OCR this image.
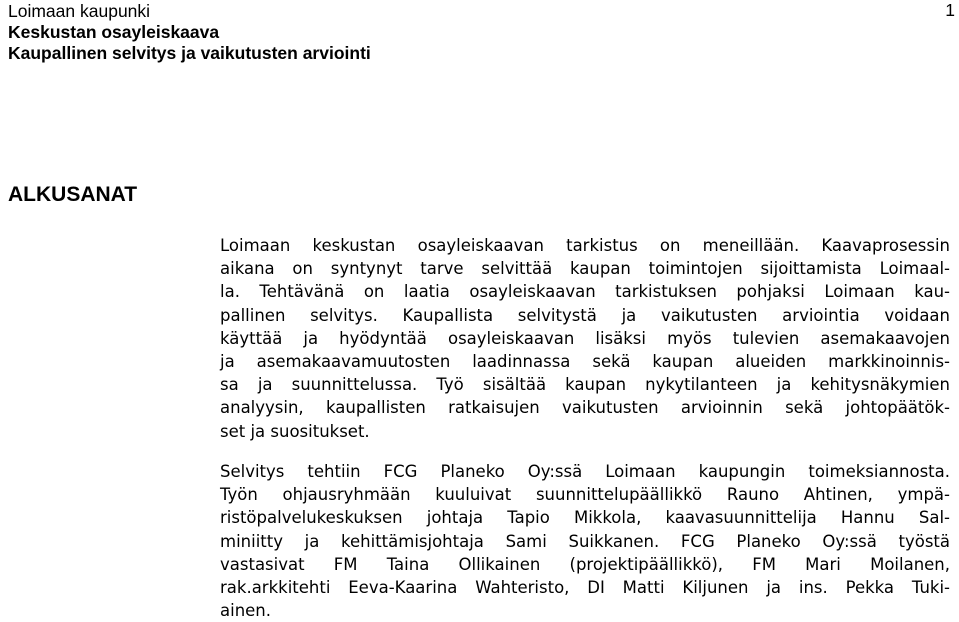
Loimaan kaupunki
Keskustan osayleiskaava
Kaupallinen selvitys ja vaikutusten arviointi
1
ALKUSANAT
Loimaan keskustan osayleiskaavan tarkistus on meneillään. Kaavaprosessin
aikana on syntynyt tarve selvittää kaupan toimintojen sijoittamista Loimaal-
la. Tehtävänä on laatia osayleiskaavan tarkistuksen pohjaksi Loimaan kau-
pallinen selvitys. Kaupallista selvitystä ja vaikutusten arviointia voidaan
käyttää ja hyödyntää osayleiskaavan lisäksi myös tulevien asemakaavojen
ja asemakaavamuutosten laadinnassa sekä kaupan alueiden markkinoinnis-
sa ja suunnittelussa. Työ sisältää kaupan nykytilanteen ja kehitysnäkymien
analyysin, kaupallisten ratkaisujen vaikutusten arvioinnin sekä johtopäätök-
set ja suositukset.
Selvitys tehtiin FCG Planeko Oy:ssä Loimaan kaupungin toimeksiannosta.
Työn ohjausryhmään kuuluivat suunnittelupäällikkö Rauno Ahtinen, ympä-
ristöpalvelukeskuksen johtaja Tapio Mikkola, kaavasuunnittelija Hannu Sal-
miniitty ja kehittämisjohtaja Sami Suikkanen. FCG Planeko Oy:ssä työstä
vastasivat FM Taina Ollikainen (projektipäällikkö), FM Mari Moilanen,
rak.arkkitehti Eeva-Kaarina Wahteristo, DI Matti Kiljunen ja ins. Pekka Tuki-
ainen.
